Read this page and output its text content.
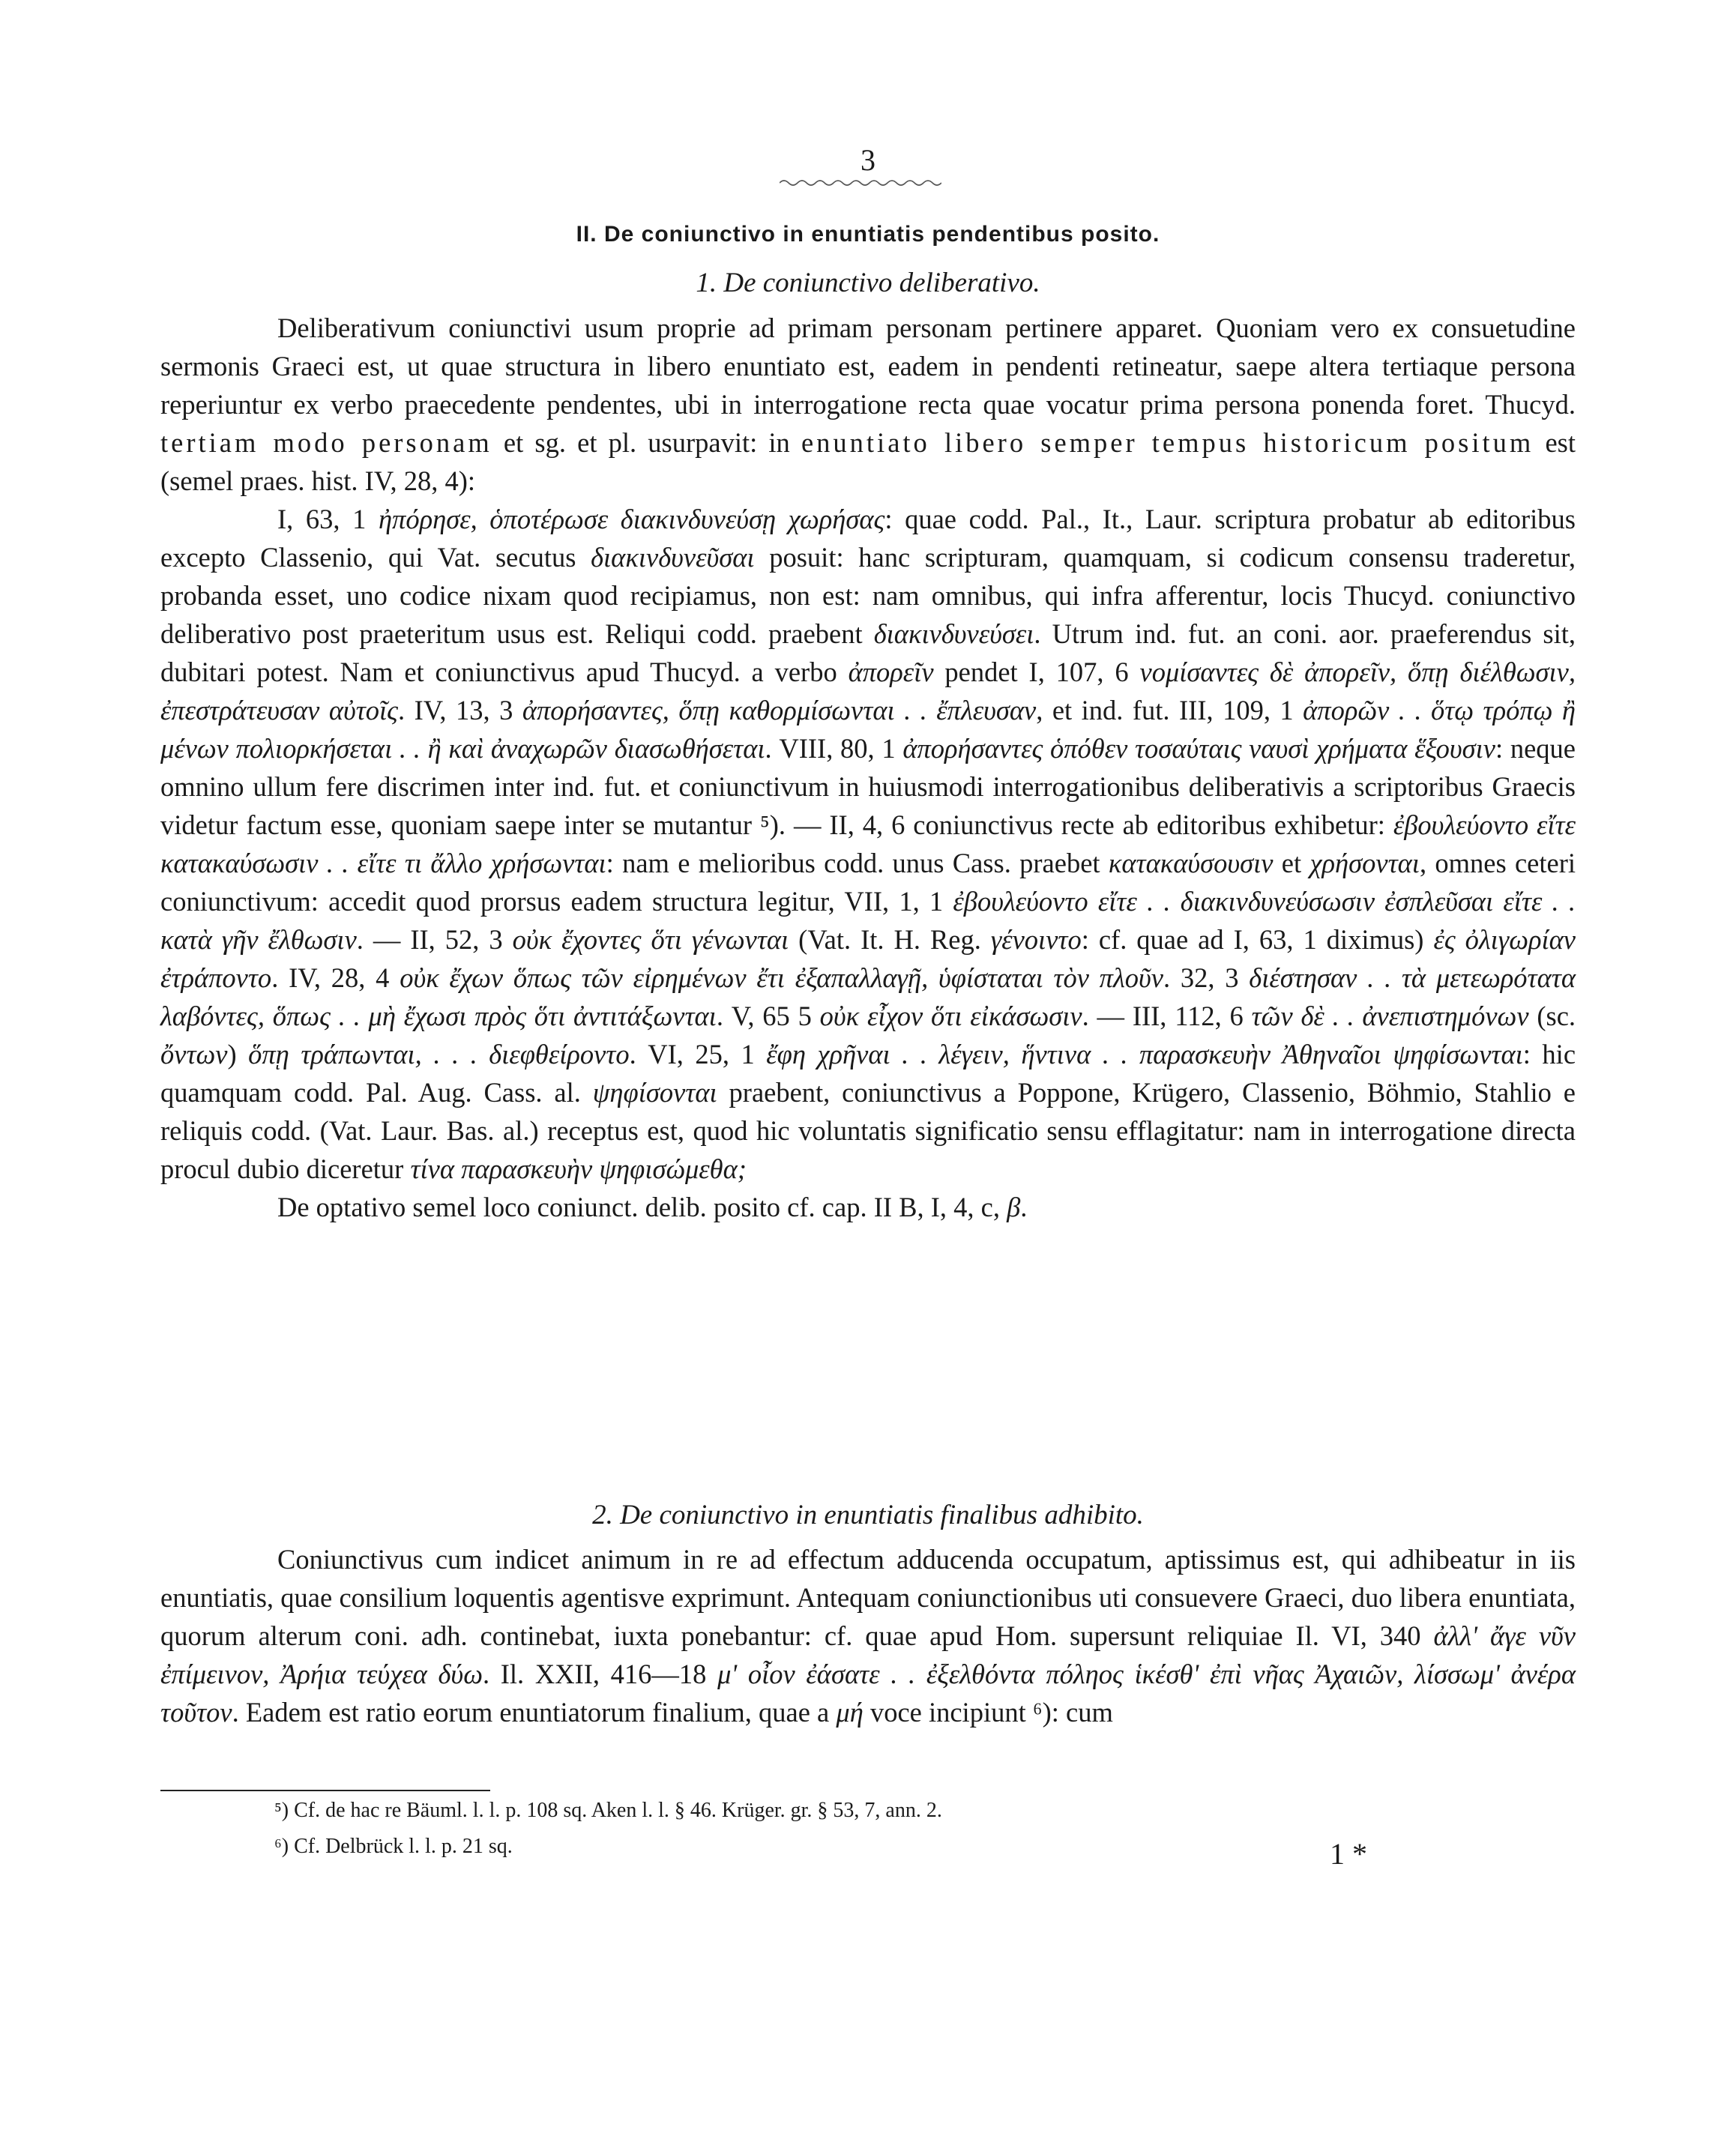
3
II. De coniunctivo in enuntiatis pendentibus posito.
1. De coniunctivo deliberativo.

Deliberativum coniunctivi usum proprie ad primam personam pertinere apparet. Quoniam vero ex consuetudine sermonis Graeci est, ut quae structura in libero enuntiato est, eadem in pendenti retineatur, saepe altera tertiaque persona reperiuntur ex verbo praecedente pendentes, ubi in interrogatione recta quae vocatur prima persona ponenda foret. Thucyd. tertiam modo personam et sg. et pl. usurpavit: in enuntiato libero semper tempus historicum positum est (semel praes. hist. IV, 28, 4):

I, 63, 1 ἠπόρησε, ὁποτέρωσε διακινδυνεύσῃ χωρήσας: quae codd. Pal., It., Laur. scriptura probatur ab editoribus excepto Classenio, qui Vat. secutus διακινδυνεῦσαι posuit: hanc scripturam, quamquam, si codicum consensu traderetur, probanda esset, uno codice nixam quod recipiamus, non est: nam omnibus, qui infra afferentur, locis Thucyd. coniunctivo deliberativo post praeteritum usus est. Reliqui codd. praebent διακινδυνεύσει. Utrum ind. fut. an coni. aor. praeferendus sit, dubitari potest. Nam et coniunctivus apud Thucyd. a verbo ἀπορεῖν pendet I, 107, 6 νομίσαντες δὲ ἀπορεῖν, ὅπῃ διέλθωσιν, ἐπεστράτευσαν αὐτοῖς. IV, 13, 3 ἀπορήσαντες, ὅπῃ καθορμίσωνται . . ἔπλευσαν, et ind. fut. III, 109, 1 ἀπορῶν . . ὅτῳ τρόπῳ ἢ μένων πολιορκήσεται . . ἢ καὶ ἀναχωρῶν διασωθήσεται. VIII, 80, 1 ἀπορήσαντες ὁπόθεν τοσαύταις ναυσὶ χρήματα ἕξουσιν: neque omnino ullum fere discrimen inter ind. fut. et coniunctivum in huiusmodi interrogationibus deliberativis a scriptoribus Graecis videtur factum esse, quoniam saepe inter se mutantur ⁵). — II, 4, 6 coniunctivus recte ab editoribus exhibetur: ἐβουλεύοντο εἴτε κατακαύσωσιν . . εἴτε τι ἄλλο χρήσωνται: nam e melioribus codd. unus Cass. praebet κατακαύσουσιν et χρήσονται, omnes ceteri coniunctivum: accedit quod prorsus eadem structura legitur, VII, 1, 1 ἐβουλεύοντο εἴτε . . διακινδυνεύσωσιν ἐσπλεῦσαι εἴτε . . κατὰ γῆν ἔλθωσιν. — II, 52, 3 οὐκ ἔχοντες ὅτι γένωνται (Vat. It. H. Reg. γένοιντο: cf. quae ad I, 63, 1 diximus) ἐς ὀλιγωρίαν ἐτράποντο. IV, 28, 4 οὐκ ἔχων ὅπως τῶν εἰρημένων ἔτι ἐξαπαλλαγῇ, ὑφίσταται τὸν πλοῦν. 32, 3 διέστησαν . . τὰ μετεωρότατα λαβόντες, ὅπως . . μὴ ἔχωσι πρὸς ὅτι ἀντιτάξωνται. V, 65 5 οὐκ εἶχον ὅτι εἰκάσωσιν. — III, 112, 6 τῶν δὲ . . ἀνεπιστημόνων (sc. ὄντων) ὅπῃ τράπωνται, . . . διεφθείροντο. VI, 25, 1 ἔφη χρῆναι . . λέγειν, ἥντινα . . παρασκευὴν Ἀθηναῖοι ψηφίσωνται: hic quamquam codd. Pal. Aug. Cass. al. ψηφίσονται praebent, coniunctivus a Poppone, Krügero, Classenio, Böhmio, Stahlio e reliquis codd. (Vat. Laur. Bas. al.) receptus est, quod hic voluntatis significatio sensu efflagitatur: nam in interrogatione directa procul dubio diceretur τίνα παρασκευὴν ψηφισώμεθα;

De optativo semel loco coniunct. delib. posito cf. cap. II B, I, 4, c, β.

2. De coniunctivo in enuntiatis finalibus adhibito.

Coniunctivus cum indicet animum in re ad effectum adducenda occupatum, aptissimus est, qui adhibeatur in iis enuntiatis, quae consilium loquentis agentisve exprimunt. Antequam coniunctionibus uti consuevere Graeci, duo libera enuntiata, quorum alterum coni. adh. continebat, iuxta ponebantur: cf. quae apud Hom. supersunt reliquiae Il. VI, 340 ἀλλ' ἄγε νῦν ἐπίμεινον, Ἀρήια τεύχεα δύω. Il. XXII, 416—18 μ' οἶον ἐάσατε . . ἐξελθόντα πόληος ἱκέσθ' ἐπὶ νῆας Ἀχαιῶν, λίσσωμ' ἀνέρα τοῦτον. Eadem est ratio eorum enuntiatorum finalium, quae a μή voce incipiunt ⁶): cum

⁵) Cf. de hac re Bäuml. l. l. p. 108 sq. Aken l. l. § 46. Krüger. gr. § 53, 7, ann. 2.
⁶) Cf. Delbrück l. l. p. 21 sq.	1 *
